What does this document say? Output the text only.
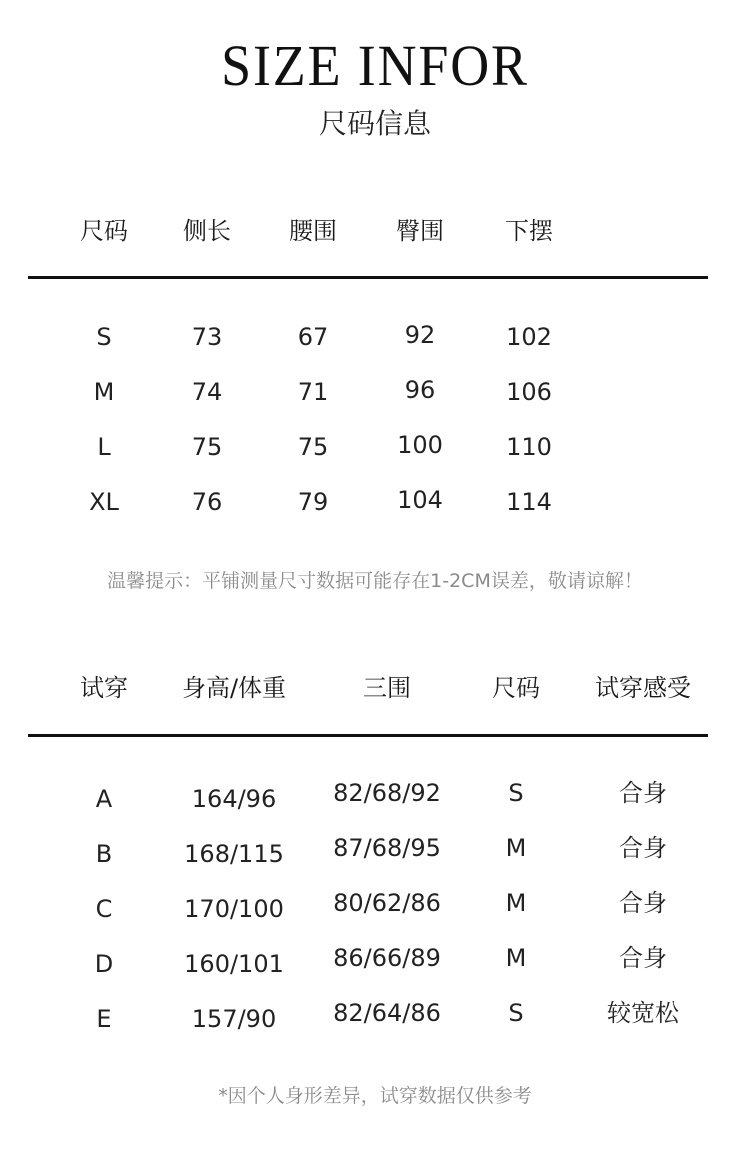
SIZE INFOR
尺码信息
尺码 侧长 腰围 臀围	下摆
S	73	67	92	102
M	74	71	96	106
L	75	75	100	110
XL	76	79	104	114
温馨提示：平铺测量尺寸数据可能存在1-2CM误差，敬请谅解！
试穿 身高/体重	三围	尺码 试穿感受
A	164/96 82/68/92	S	合身
B	168/115 87/68/95	M	合身
C	170/100 80/62/86	M	合身
D	160/101 86/66/89	M	合身
E	157/90 82/64/86	S	较宽松
*因个人身形差异，试穿数据仅供参考
